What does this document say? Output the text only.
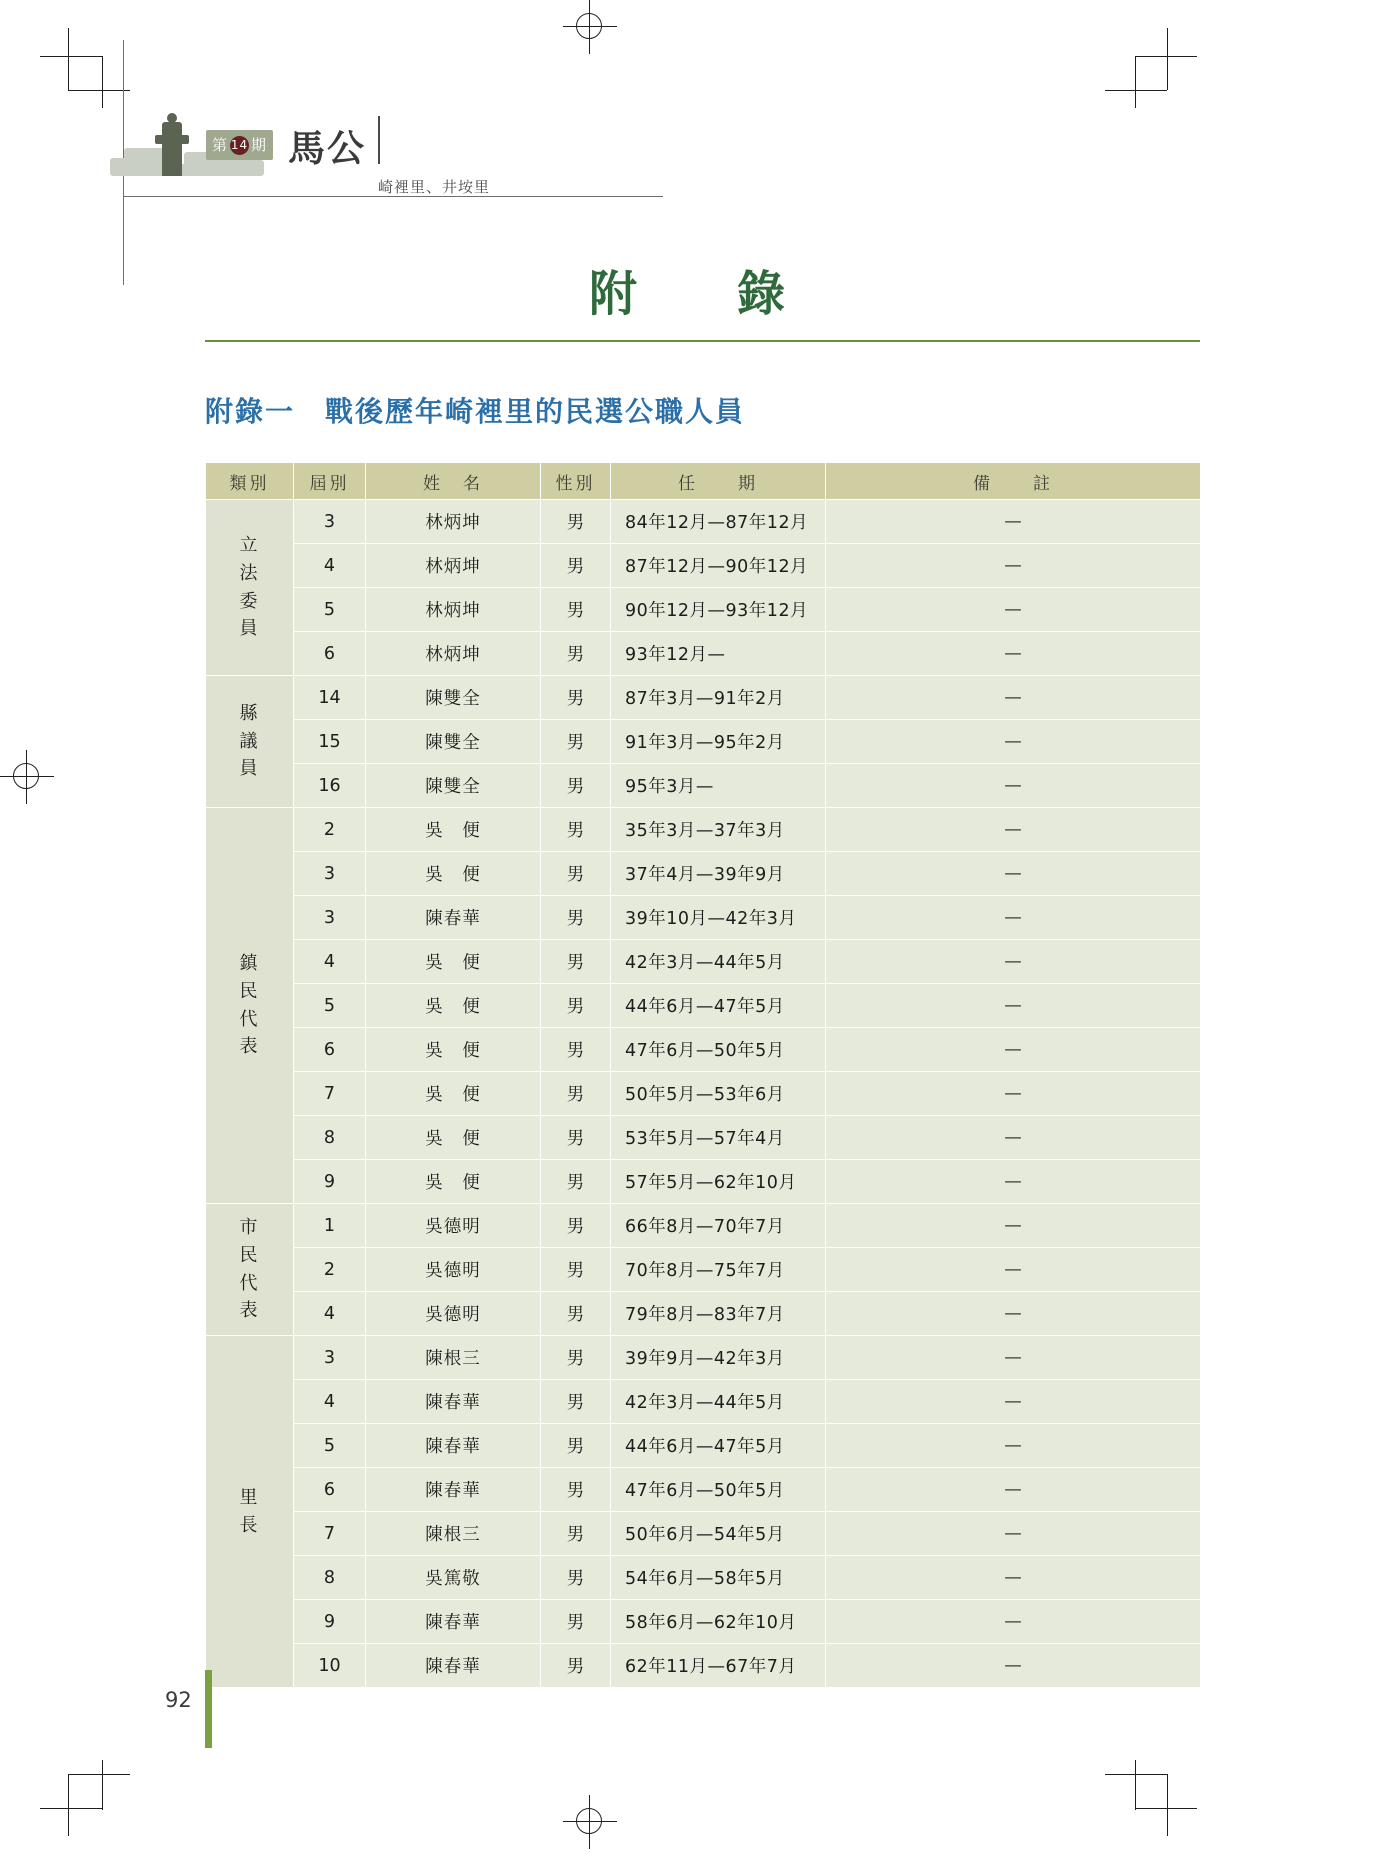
第 14 期 馬公
崎裡里、井垵里
附　錄
附錄一　戰後歷年崎裡里的民選公職人員
類別	屆別	姓　名	性別	任　　期	備　　註

立
法
委
員	3	林炳坤	男	84年12月—87年12月	—
	4	林炳坤	男	87年12月—90年12月	—
	5	林炳坤	男	90年12月—93年12月	—
	6	林炳坤	男	93年12月—	—

縣
議
員	14	陳雙全	男	87年3月—91年2月	—
	15	陳雙全	男	91年3月—95年2月	—
	16	陳雙全	男	95年3月—	—

鎮
民
代
表	2	吳　便	男	35年3月—37年3月	—
	3	吳　便	男	37年4月—39年9月	—
	3	陳春華	男	39年10月—42年3月	—
	4	吳　便	男	42年3月—44年5月	—
	5	吳　便	男	44年6月—47年5月	—
	6	吳　便	男	47年6月—50年5月	—
	7	吳　便	男	50年5月—53年6月	—
	8	吳　便	男	53年5月—57年4月	—
	9	吳　便	男	57年5月—62年10月	—

市
民
代
表	1	吳德明	男	66年8月—70年7月	—
	2	吳德明	男	70年8月—75年7月	—
	4	吳德明	男	79年8月—83年7月	—

里
長	3	陳根三	男	39年9月—42年3月	—
	4	陳春華	男	42年3月—44年5月	—
	5	陳春華	男	44年6月—47年5月	—
	6	陳春華	男	47年6月—50年5月	—
	7	陳根三	男	50年6月—54年5月	—
	8	吳篤敬	男	54年6月—58年5月	—
	9	陳春華	男	58年6月—62年10月	—
	10	陳春華	男	62年11月—67年7月	—
92
